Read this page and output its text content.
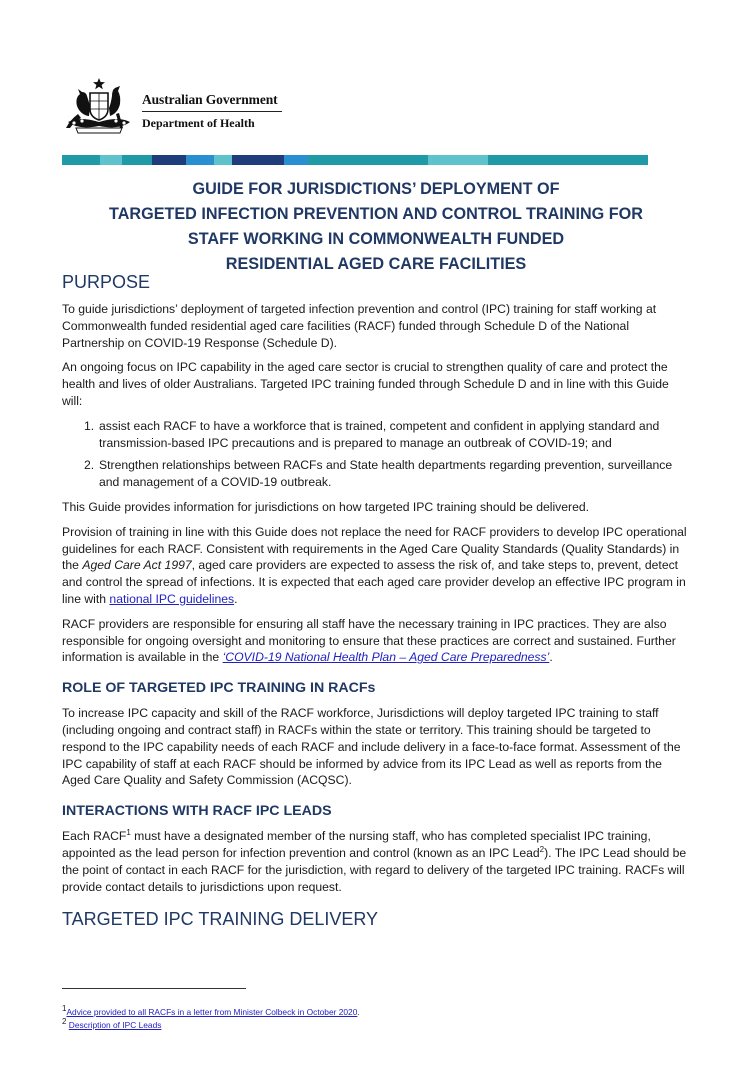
Australian Government
Department of Health
GUIDE FOR JURISDICTIONS’ DEPLOYMENT OF
TARGETED INFECTION PREVENTION AND CONTROL TRAINING FOR
STAFF WORKING IN COMMONWEALTH FUNDED
RESIDENTIAL AGED CARE FACILITIES
PURPOSE

To guide jurisdictions’ deployment of targeted infection prevention and control (IPC) training for staff working at Commonwealth funded residential aged care facilities (RACF) funded through Schedule D of the National Partnership on COVID-19 Response (Schedule D).

An ongoing focus on IPC capability in the aged care sector is crucial to strengthen quality of care and protect the health and lives of older Australians. Targeted IPC training funded through Schedule D and in line with this Guide will:

1. assist each RACF to have a workforce that is trained, competent and confident in applying standard and transmission-based IPC precautions and is prepared to manage an outbreak of COVID-19; and
2. Strengthen relationships between RACFs and State health departments regarding prevention, surveillance and management of a COVID-19 outbreak.

This Guide provides information for jurisdictions on how targeted IPC training should be delivered.

Provision of training in line with this Guide does not replace the need for RACF providers to develop IPC operational guidelines for each RACF. Consistent with requirements in the Aged Care Quality Standards (Quality Standards) in the Aged Care Act 1997, aged care providers are expected to assess the risk of, and take steps to, prevent, detect and control the spread of infections. It is expected that each aged care provider develop an effective IPC program in line with national IPC guidelines.

RACF providers are responsible for ensuring all staff have the necessary training in IPC practices. They are also responsible for ongoing oversight and monitoring to ensure that these practices are correct and sustained. Further information is available in the ‘COVID-19 National Health Plan – Aged Care Preparedness’.

ROLE OF TARGETED IPC TRAINING IN RACFs

To increase IPC capacity and skill of the RACF workforce, Jurisdictions will deploy targeted IPC training to staff (including ongoing and contract staff) in RACFs within the state or territory. This training should be targeted to respond to the IPC capability needs of each RACF and include delivery in a face-to-face format. Assessment of the IPC capability of staff at each RACF should be informed by advice from its IPC Lead as well as reports from the Aged Care Quality and Safety Commission (ACQSC).

INTERACTIONS WITH RACF IPC LEADS

Each RACF$^1$ must have a designated member of the nursing staff, who has completed specialist IPC training, appointed as the lead person for infection prevention and control (known as an IPC Lead$^2$). The IPC Lead should be the point of contact in each RACF for the jurisdiction, with regard to delivery of the targeted IPC training. RACFs will provide contact details to jurisdictions upon request.

TARGETED IPC TRAINING DELIVERY
$^1$Advice provided to all RACFs in a letter from Minister Colbeck in October 2020.
$^2$ Description of IPC Leads
